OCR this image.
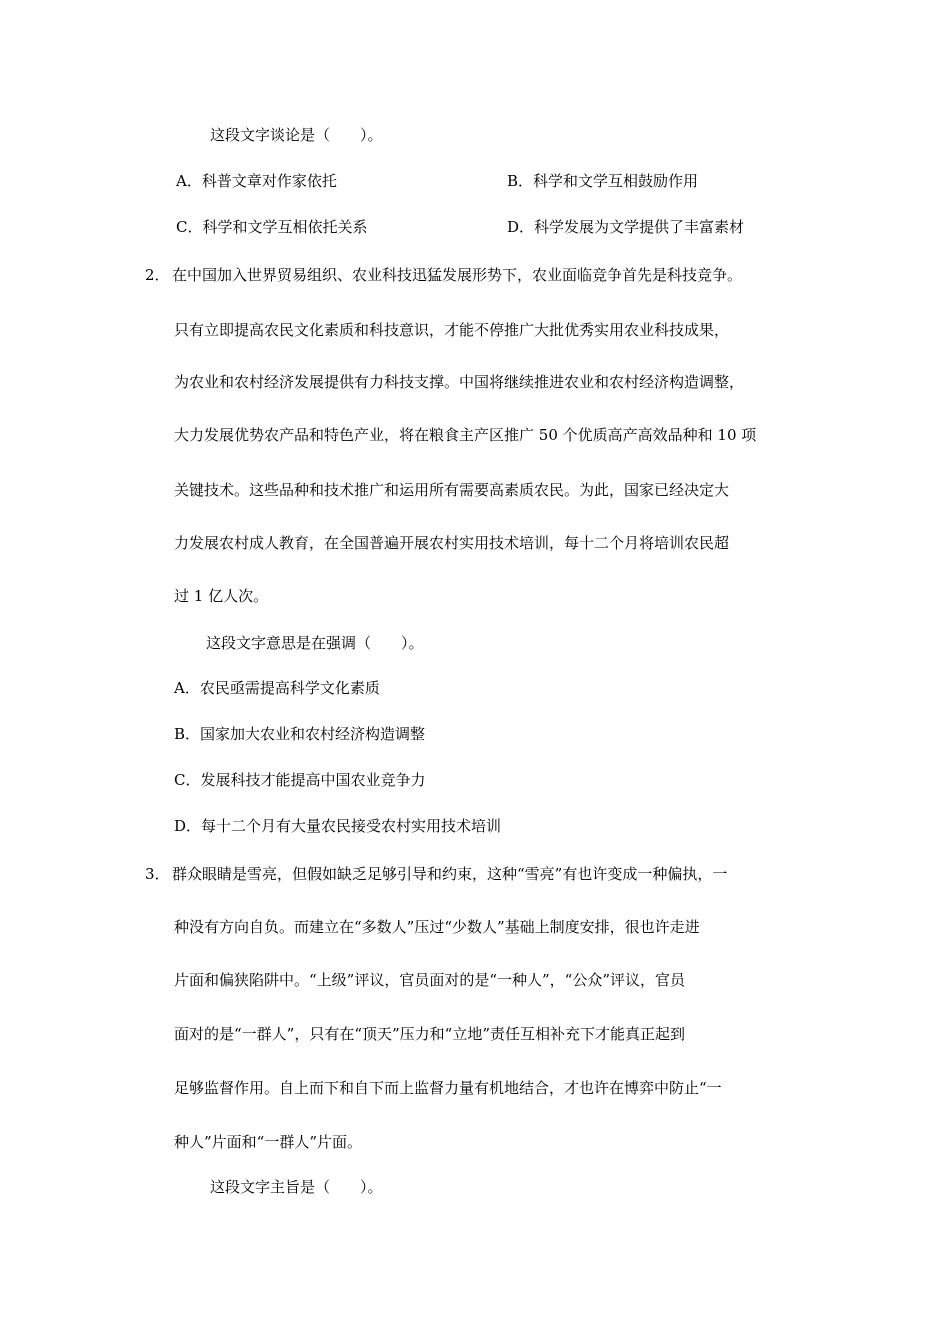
这段文字谈论是（　　）。
A．科普文章对作家依托	B．科学和文学互相鼓励作用
C．科学和文学互相依托关系	D．科学发展为文学提供了丰富素材
2． 在中国加入世界贸易组织、农业科技迅猛发展形势下，农业面临竞争首先是科技竞争。
只有立即提高农民文化素质和科技意识，才能不停推广大批优秀实用农业科技成果，
为农业和农村经济发展提供有力科技支撑。中国将继续推进农业和农村经济构造调整，
大力发展优势农产品和特色产业，将在粮食主产区推广 50 个优质高产高效品种和 10 项
关键技术。这些品种和技术推广和运用所有需要高素质农民。为此，国家已经决定大
力发展农村成人教育，在全国普遍开展农村实用技术培训，每十二个月将培训农民超
过 1 亿人次。
这段文字意思是在强调（　　）。
A．农民亟需提高科学文化素质
B．国家加大农业和农村经济构造调整
C．发展科技才能提高中国农业竞争力
D．每十二个月有大量农民接受农村实用技术培训
3． 群众眼睛是雪亮，但假如缺乏足够引导和约束，这种“雪亮”有也许变成一种偏执，一
种没有方向自负。而建立在“多数人”压过“少数人”基础上制度安排，很也许走进
片面和偏狭陷阱中。“上级”评议，官员面对的是“一种人”，“公众”评议，官员
面对的是“一群人”，只有在“顶天”压力和“立地”责任互相补充下才能真正起到
足够监督作用。自上而下和自下而上监督力量有机地结合，才也许在博弈中防止“一
种人”片面和“一群人”片面。
这段文字主旨是（　　）。
